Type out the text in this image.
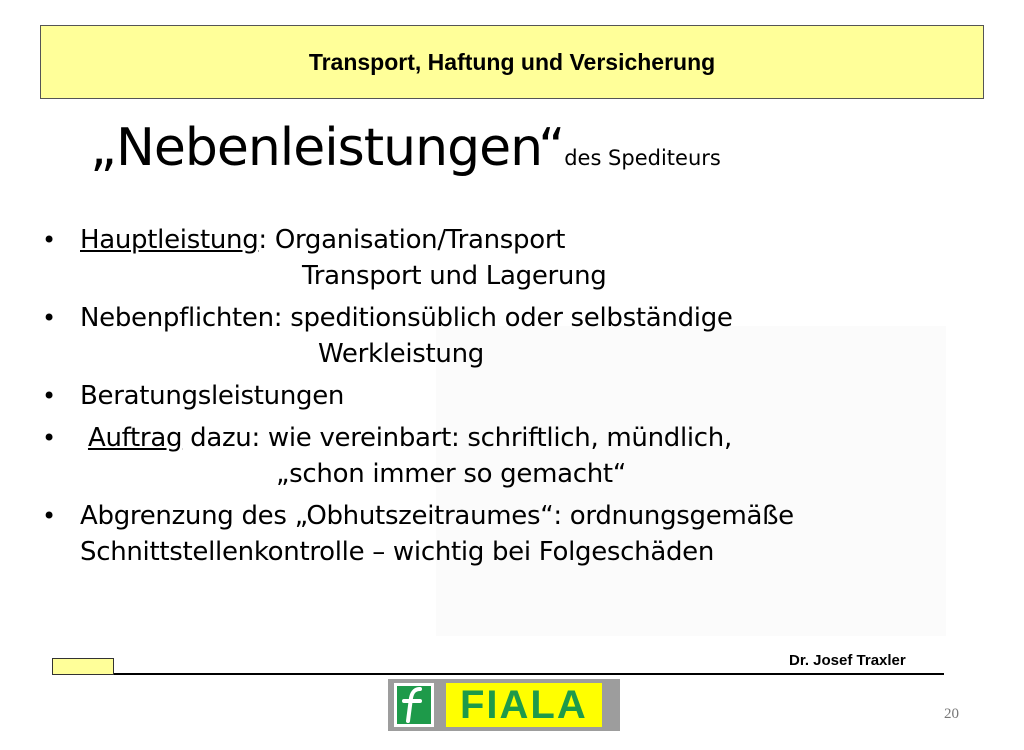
Transport, Haftung und Versicherung
„Nebenleistungen“des Spediteurs
• Hauptleistung: Organisation/Transport
Transport und Lagerung
• Nebenpflichten: speditionsüblich oder selbständige
Werkleistung
• Beratungsleistungen
•	Auftrag dazu: wie vereinbart: schriftlich, mündlich,
„schon immer so gemacht“
• Abgrenzung des „Obhutszeitraumes“: ordnungsgemäße
Schnittstellenkontrolle – wichtig bei Folgeschäden
Dr. Josef Traxler
FIALA	20
